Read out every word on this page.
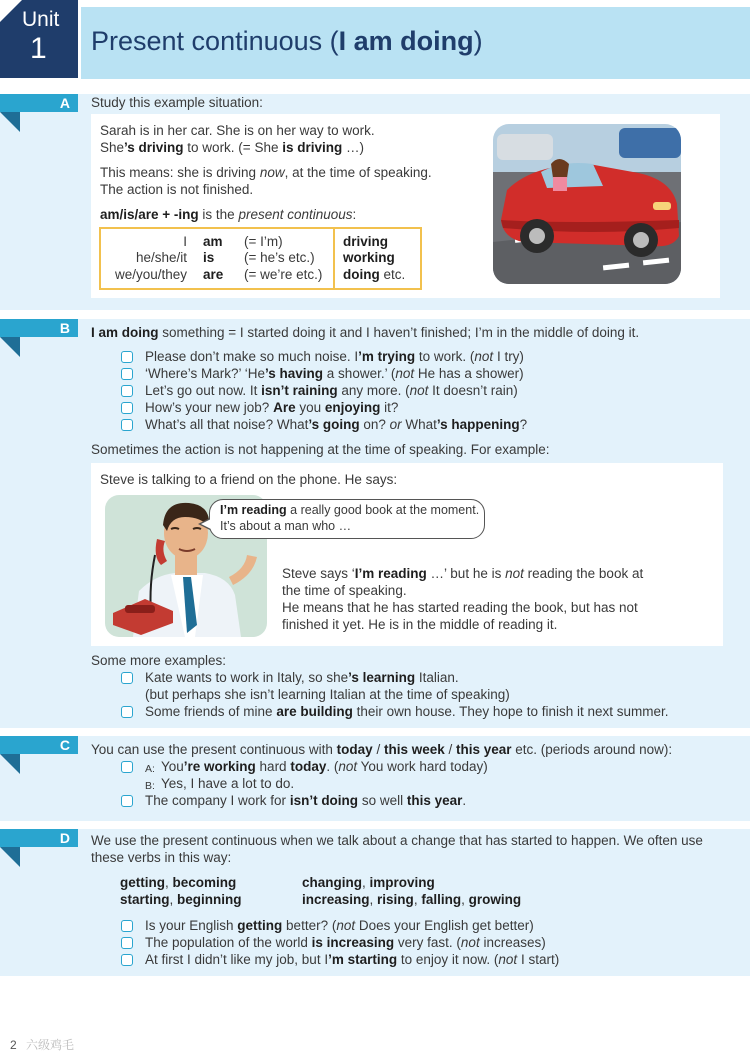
Unit
1 Present continuous (I am doing)
A Study this example situation:
Sarah is in her car. She is on her way to work.
She’s driving to work. (= She is driving …)
This means: she is driving now, at the time of speaking.
The action is not finished.
am/is/are + -ing is the present continuous:
I
he/she/it
we/you/they
am
is
are
(= I’m)
(= he’s etc.)
(= we’re etc.)
driving
working
doing etc.
B I am doing something = I started doing it and I haven’t finished; I’m in the middle of doing it.
Please don’t make so much noise. I’m trying to work. (not I try)
‘Where’s Mark?’ ‘He’s having a shower.’ (not He has a shower)
Let’s go out now. It isn’t raining any more. (not It doesn’t rain)
How’s your new job? Are you enjoying it?
What’s all that noise? What’s going on? or What’s happening?
Sometimes the action is not happening at the time of speaking. For example:
Steve is talking to a friend on the phone. He says:
I’m reading a really good book at the moment.
It’s about a man who …
Steve says ‘I’m reading …’ but he is not reading the book at
the time of speaking.
He means that he has started reading the book, but has not
finished it yet. He is in the middle of reading it.
Some more examples:
Kate wants to work in Italy, so she’s learning Italian.
(but perhaps she isn’t learning Italian at the time of speaking)
Some friends of mine are building their own house. They hope to finish it next summer.
C You can use the present continuous with today / this week / this year etc. (periods around now):
A: You’re working hard today. (not You work hard today)
B: Yes, I have a lot to do.
The company I work for isn’t doing so well this year.
D We use the present continuous when we talk about a change that has started to happen. We often use
these verbs in this way:
getting, becoming
starting, beginning
changing, improving
increasing, rising, falling, growing
Is your English getting better? (not Does your English get better)
The population of the world is increasing very fast. (not increases)
At first I didn’t like my job, but I’m starting to enjoy it now. (not I start)
2 六级鸡毛
